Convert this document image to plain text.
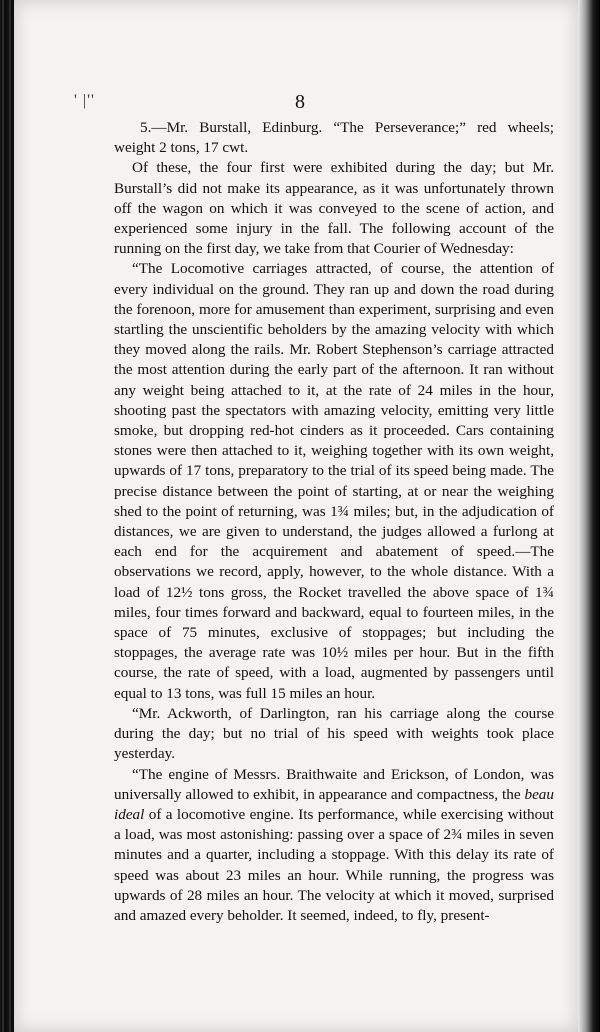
' |''	8

5.—Mr. Burstall, Edinburg. “The Perseverance;” red wheels; weight 2 tons, 17 cwt.

Of these, the four first were exhibited during the day; but Mr. Burstall’s did not make its appearance, as it was unfortunately thrown off the wagon on which it was conveyed to the scene of action, and experienced some injury in the fall. The following account of the running on the first day, we take from that Courier of Wednesday:

“The Locomotive carriages attracted, of course, the attention of every individual on the ground. They ran up and down the road during the forenoon, more for amusement than experiment, surprising and even startling the unscientific beholders by the amazing velocity with which they moved along the rails. Mr. Robert Stephenson’s carriage attracted the most attention during the early part of the afternoon. It ran without any weight being attached to it, at the rate of 24 miles in the hour, shooting past the spectators with amazing velocity, emitting very little smoke, but dropping red-hot cinders as it proceeded. Cars containing stones were then attached to it, weighing together with its own weight, upwards of 17 tons, preparatory to the trial of its speed being made. The precise distance between the point of starting, at or near the weighing shed to the point of returning, was 1¾ miles; but, in the adjudication of distances, we are given to understand, the judges allowed a furlong at each end for the acquirement and abatement of speed.—The observations we record, apply, however, to the whole distance. With a load of 12½ tons gross, the Rocket travelled the above space of 1¾ miles, four times forward and backward, equal to fourteen miles, in the space of 75 minutes, exclusive of stoppages; but including the stoppages, the average rate was 10½ miles per hour. But in the fifth course, the rate of speed, with a load, augmented by passengers until equal to 13 tons, was full 15 miles an hour.

“Mr. Ackworth, of Darlington, ran his carriage along the course during the day; but no trial of his speed with weights took place yesterday.

“The engine of Messrs. Braithwaite and Erickson, of London, was universally allowed to exhibit, in appearance and compactness, the beau ideal of a locomotive engine. Its performance, while exercising without a load, was most astonishing: passing over a space of 2¾ miles in seven minutes and a quarter, including a stoppage. With this delay its rate of speed was about 23 miles an hour. While running, the progress was upwards of 28 miles an hour. The velocity at which it moved, surprised and amazed every beholder. It seemed, indeed, to fly, present-
